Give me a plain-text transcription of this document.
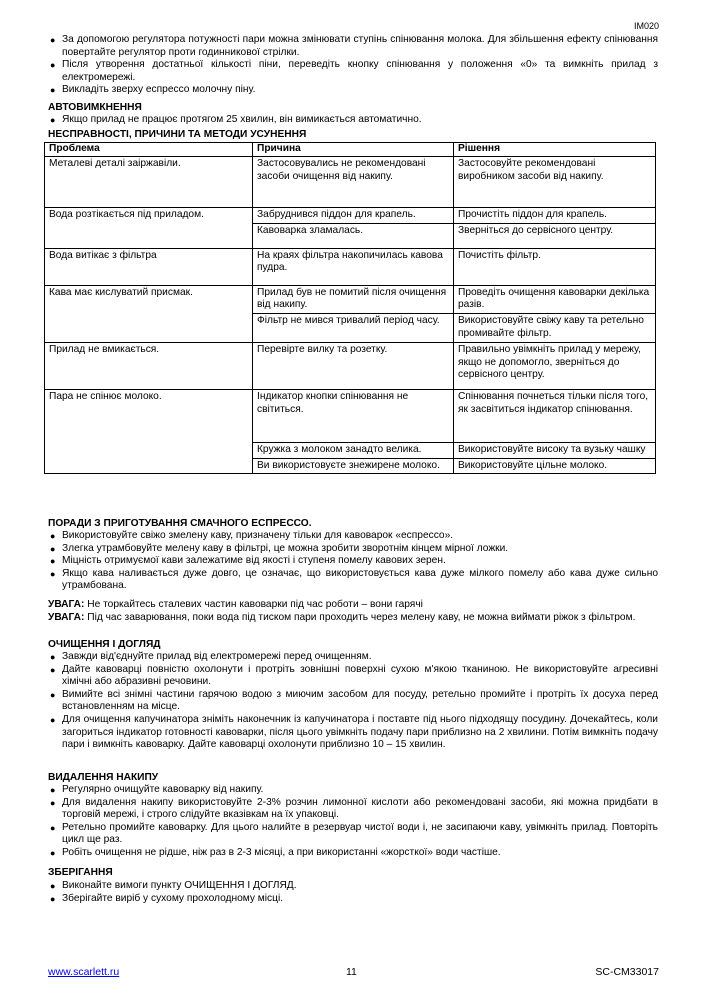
IM020
● За допомогою регулятора потужності пари можна змінювати ступінь спінювання молока. Для збільшення ефекту спінювання повертайте регулятор проти годинникової стрілки.
● Після утворення достатньої кількості піни, переведіть кнопку спінювання у положення «0» та вимкніть прилад з електромережі.
● Викладіть зверху еспрессо молочну піну.
АВТОВИМКНЕННЯ
● Якщо прилад не працює протягом 25 хвилин, він вимикається автоматично.
НЕСПРАВНОСТІ, ПРИЧИНИ ТА МЕТОДИ УСУНЕННЯ
Проблема	Причина	Рішення
Металеві деталі заіржавіли.	Застосовувались не рекомендовані засоби очищення від накипу.	Застосовуйте рекомендовані виробником засоби від накипу.
Вода розтікається під приладом.	Забруднився піддон для крапель.	Прочистіть піддон для крапель.
	Кавоварка зламалась.	Зверніться до сервісного центру.
Вода витікає з фільтра	На краях фільтра накопичилась кавова пудра.	Почистіть фільтр.
Кава має кислуватий присмак.	Прилад був не помитий після очищення від накипу.	Проведіть очищення кавоварки декілька разів.
	Фільтр не мився тривалий період часу.	Використовуйте свіжу каву та ретельно промивайте фільтр.
Прилад не вмикається.	Перевірте вилку та розетку.	Правильно увімкніть прилад у мережу, якщо не допомогло, зверніться до сервісного центру.
Пара не спінює молоко.	Індикатор кнопки спінювання не світиться.	Спінювання почнеться тільки після того, як засвітиться індикатор спінювання.
	Кружка з молоком занадто велика.	Використовуйте високу та вузьку чашку
	Ви використовуєте знежирене молоко.	Використовуйте цільне молоко.
ПОРАДИ З ПРИГОТУВАННЯ СМАЧНОГО ЕСПРЕССО.
● Використовуйте свіжо змелену каву, призначену тільки для кавоварок «еспрессо».
● Злегка утрамбовуйте мелену каву в фільтрі, це можна зробити зворотнім кінцем мірної ложки.
● Міцність отримуємої кави залежатиме від якості і ступеня помелу кавових зерен.
● Якщо кава наливається дуже довго, це означає, що використовується кава дуже мілкого помелу або кава дуже сильно утрамбована.
УВАГА: Не торкайтесь сталевих частин кавоварки під час роботи – вони гарячі
УВАГА: Під час заварювання, поки вода під тиском пари проходить через мелену каву, не можна виймати ріжок з фільтром.
ОЧИЩЕННЯ І ДОГЛЯД
● Завжди від'єднуйте прилад від електромережі перед очищенням.
● Дайте кавоварці повністю охолонути і протріть зовнішні поверхні сухою м'якою тканиною. Не використовуйте агресивні хімічні або абразивні речовини.
● Вимийте всі знімні частини гарячою водою з миючим засобом для посуду, ретельно промийте і протріть їх досуха перед встановленням на місце.
● Для очищення капучинатора зніміть наконечник із капучинатора і поставте під нього підходящу посудину. Дочекайтесь, коли загориться індикатор готовності кавоварки, після цього увімкніть подачу пари приблизно на 2 хвилини. Потім вимкніть подачу пари і вимкніть кавоварку. Дайте кавоварці охолонути приблизно 10 – 15 хвилин.
ВИДАЛЕННЯ НАКИПУ
● Регулярно очищуйте кавоварку від накипу.
● Для видалення накипу використовуйте 2-3% розчин лимонної кислоти або рекомендовані засоби, які можна придбати в торговій мережі, і строго слідуйте вказівкам на їх упаковці.
● Ретельно промийте кавоварку. Для цього налийте в резервуар чистої води і, не засипаючи каву, увімкніть прилад. Повторіть цикл ще раз.
● Робіть очищення не рідше, ніж раз в 2-3 місяці, а при використанні «жорсткої» води частіше.
ЗБЕРІГАННЯ
● Виконайте вимоги пункту ОЧИЩЕННЯ І ДОГЛЯД.
● Зберігайте виріб у сухому прохолодному місці.
www.scarlett.ru	11	SC-CM33017
